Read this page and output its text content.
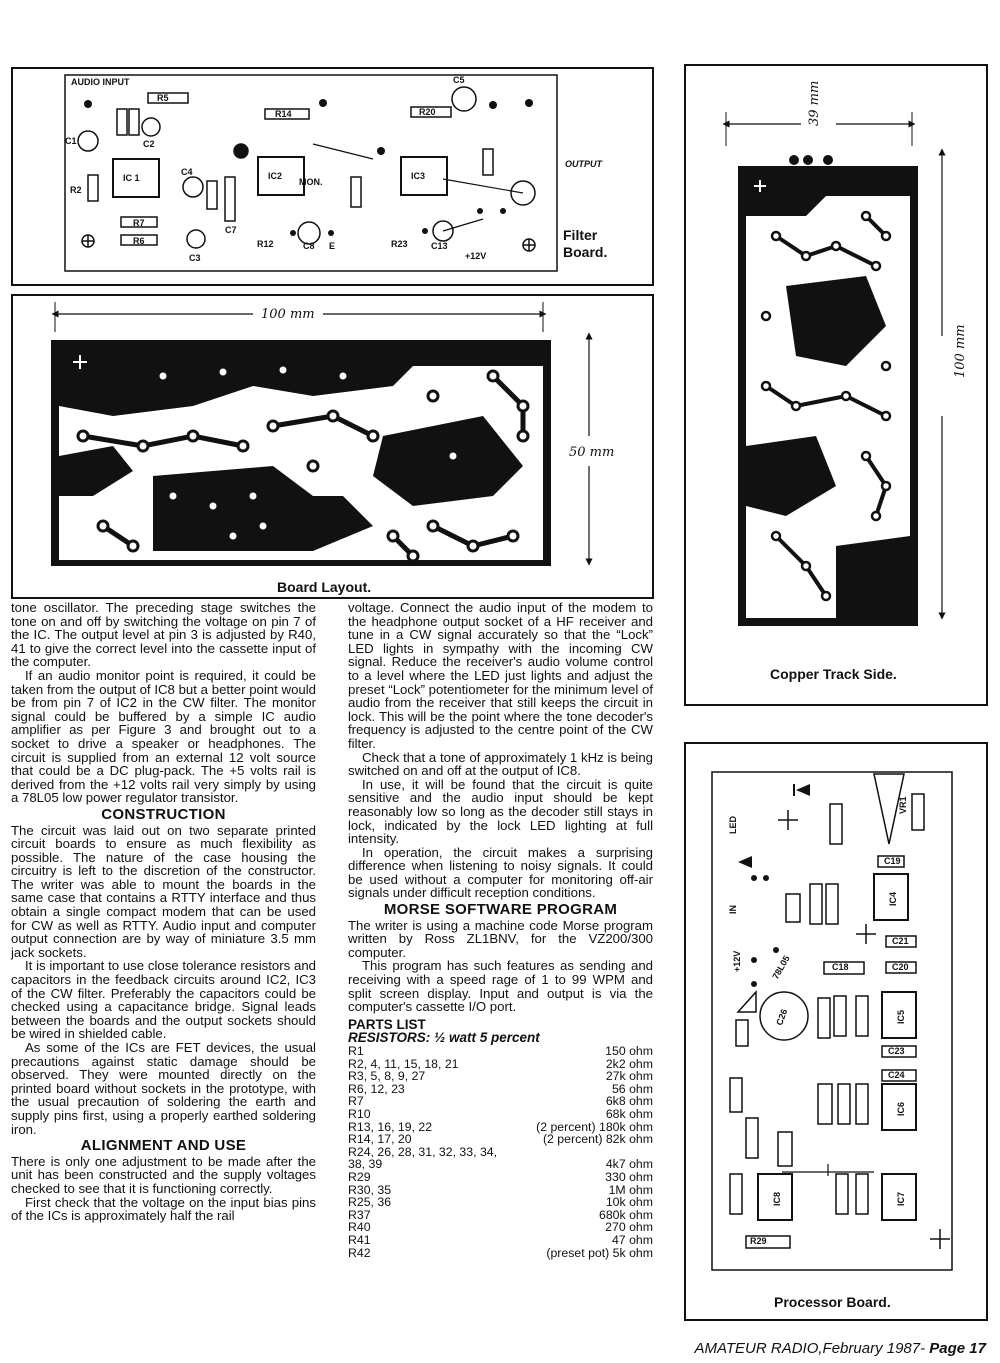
AUDIO INPUT
R5
R14	R20
C1	C2
R2
IC 1	IC2	IC3
C4
C7
C5
R7
R6
C3
MON.
R12	C8 E	R23	C13
+12V
OUTPUT
Filter
Board.
100 mm
50 mm
Board Layout.
39 mm
100 mm
Copper Track Side.
LED
IN
+12V
VR1
IC4
IC5
IC6
IC7
IC8
C26
78L05	C18
C19
C21
C20
C23
C24
R29
Processor Board.

tone oscillator. The preceding stage switches the tone on and off by switching the voltage on pin 7 of the IC. The output level at pin 3 is adjusted by R40, 41 to give the correct level into the cassette input of the computer.

If an audio monitor point is required, it could be taken from the output of IC8 but a better point would be from pin 7 of IC2 in the CW filter. The monitor signal could be buffered by a simple IC audio amplifier as per Figure 3 and brought out to a socket to drive a speaker or headphones. The circuit is supplied from an external 12 volt source that could be a DC plug-pack. The +5 volts rail is derived from the +12 volts rail very simply by using a 78L05 low power regulator transistor.

CONSTRUCTION

The circuit was laid out on two separate printed circuit boards to ensure as much flexibility as possible. The nature of the case housing the circuitry is left to the discretion of the constructor. The writer was able to mount the boards in the same case that contains a RTTY interface and thus obtain a single compact modem that can be used for CW as well as RTTY. Audio input and computer output connection are by way of miniature 3.5 mm jack sockets.

It is important to use close tolerance resistors and capacitors in the feedback circuits around IC2, IC3 of the CW filter. Preferably the capacitors could be checked using a capacitance bridge. Signal leads between the boards and the output sockets should be wired in shielded cable.

As some of the ICs are FET devices, the usual precautions against static damage should be observed. They were mounted directly on the printed board without sockets in the prototype, with the usual precaution of soldering the earth and supply pins first, using a properly earthed soldering iron.

ALIGNMENT AND USE

There is only one adjustment to be made after the unit has been constructed and the supply voltages checked to see that it is functioning correctly.

First check that the voltage on the input bias pins of the ICs is approximately half the rail

voltage. Connect the audio input of the modem to the headphone output socket of a HF receiver and tune in a CW signal accurately so that the “Lock” LED lights in sympathy with the incoming CW signal. Reduce the receiver's audio volume control to a level where the LED just lights and adjust the preset “Lock” potentiometer for the minimum level of audio from the receiver that still keeps the circuit in lock. This will be the point where the tone decoder's frequency is adjusted to the centre point of the CW filter.

Check that a tone of approximately 1 kHz is being switched on and off at the output of IC8.

In use, it will be found that the circuit is quite sensitive and the audio input should be kept reasonably low so long as the decoder still stays in lock, indicated by the lock LED lighting at full intensity.

In operation, the circuit makes a surprising difference when listening to noisy signals. It could be used without a computer for monitoring off-air signals under difficult reception conditions.

MORSE SOFTWARE PROGRAM

The writer is using a machine code Morse program written by Ross ZL1BNV, for the VZ200/300 computer.

This program has such features as sending and receiving with a speed rage of 1 to 99 WPM and split screen display. Input and output is via the computer's cassette I/O port.

PARTS LIST
RESISTORS: ½ watt 5 percent
R1	150 ohm
R2, 4, 11, 15, 18, 21	2k2 ohm
R3, 5, 8, 9, 27	27k ohm
R6, 12, 23	56 ohm
R7	6k8 ohm
R10	68k ohm
R13, 16, 19, 22	(2 percent) 180k ohm
R14, 17, 20	(2 percent) 82k ohm
R24, 26, 28, 31, 32, 33, 34,
38, 39	4k7 ohm
R29	330 ohm
R30, 35	1M ohm
R25, 36	10k ohm
R37	680k ohm
R40	270 ohm
R41	47 ohm
R42	(preset pot) 5k ohm
AMATEUR RADIO,February 1987- Page 17
